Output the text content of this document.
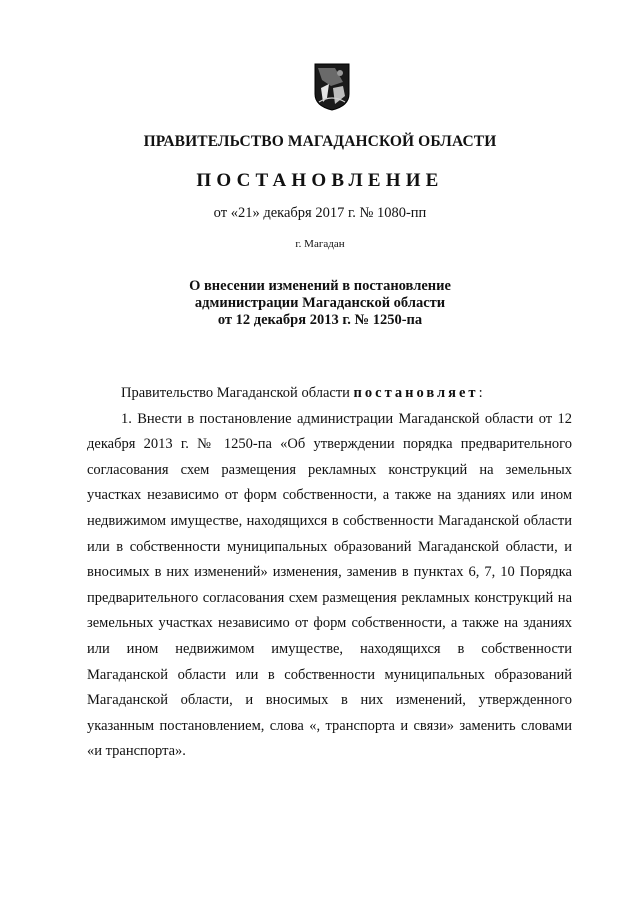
ПРАВИТЕЛЬСТВО МАГАДАНСКОЙ ОБЛАСТИ
ПОСТАНОВЛЕНИЕ
от «21» декабря 2017 г. № 1080-пп
г. Магадан
О внесении изменений в постановление
администрации Магаданской области
от 12 декабря 2013 г. № 1250-па

Правительство Магаданской области постановляет:

1. Внести в постановление администрации Магаданской области от 12 декабря 2013 г. № 1250-па «Об утверждении порядка предварительного согласования схем размещения рекламных конструкций на земельных участках независимо от форм собственности, а также на зданиях или ином недвижимом имуществе, находящихся в собственности Магаданской области или в собственности муниципальных образований Магаданской области, и вносимых в них изменений» изменения, заменив в пунктах 6, 7, 10 Порядка предварительного согласования схем размещения рекламных конструкций на земельных участках независимо от форм собственности, а также на зданиях или ином недвижимом имуществе, находящихся в собственности Магаданской области или в собственности муниципальных образований Магаданской области, и вносимых в них изменений, утвержденного указанным постановлением, слова «, транспорта и связи» заменить словами «и транспорта».
